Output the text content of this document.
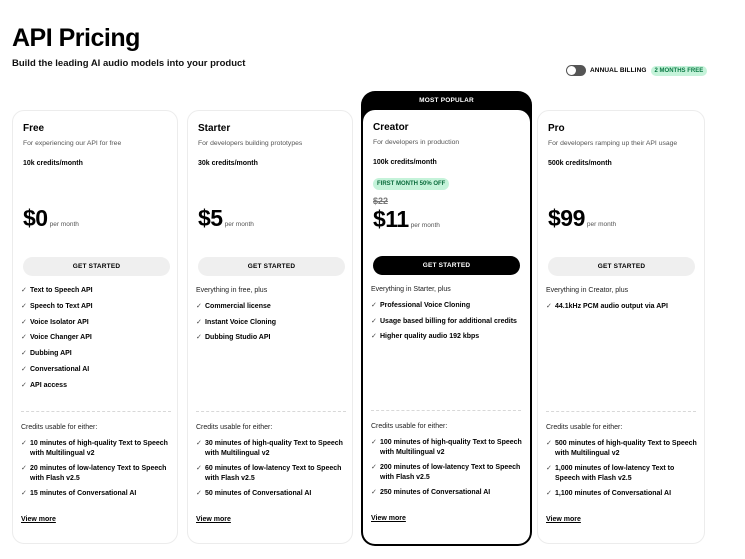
API Pricing

Build the leading AI audio models into your product

ANNUAL BILLING	2 MONTHS FREE
Free
For experiencing our API for free
10k credits/month
$0 per month
GET STARTED
✓ Text to Speech API
✓ Speech to Text API
✓ Voice Isolator API
✓ Voice Changer API
✓ Dubbing API
✓ Conversational AI
✓ API access
Credits usable for either:
✓ 10 minutes of high-quality Text to Speech with Multilingual v2
✓ 20 minutes of low-latency Text to Speech with Flash v2.5
✓ 15 minutes of Conversational AI
View more
Starter
For developers building prototypes
30k credits/month
$5 per month
GET STARTED
Everything in free, plus
✓ Commercial license
✓ Instant Voice Cloning
✓ Dubbing Studio API
Credits usable for either:
✓ 30 minutes of high-quality Text to Speech with Multilingual v2
✓ 60 minutes of low-latency Text to Speech with Flash v2.5
✓ 50 minutes of Conversational AI
View more
MOST POPULAR
Creator
For developers in production
100k credits/month
FIRST MONTH 50% OFF
$22
$11 per month
GET STARTED
Everything in Starter, plus
✓ Professional Voice Cloning
✓ Usage based billing for additional credits
✓ Higher quality audio 192 kbps
Credits usable for either:
✓ 100 minutes of high-quality Text to Speech with Multilingual v2
✓ 200 minutes of low-latency Text to Speech with Flash v2.5
✓ 250 minutes of Conversational AI
View more
Pro
For developers ramping up their API usage
500k credits/month
$99 per month
GET STARTED
Everything in Creator, plus
✓ 44.1kHz PCM audio output via API
Credits usable for either:
✓ 500 minutes of high-quality Text to Speech with Multilingual v2
✓ 1,000 minutes of low-latency Text to Speech with Flash v2.5
✓ 1,100 minutes of Conversational AI
View more
